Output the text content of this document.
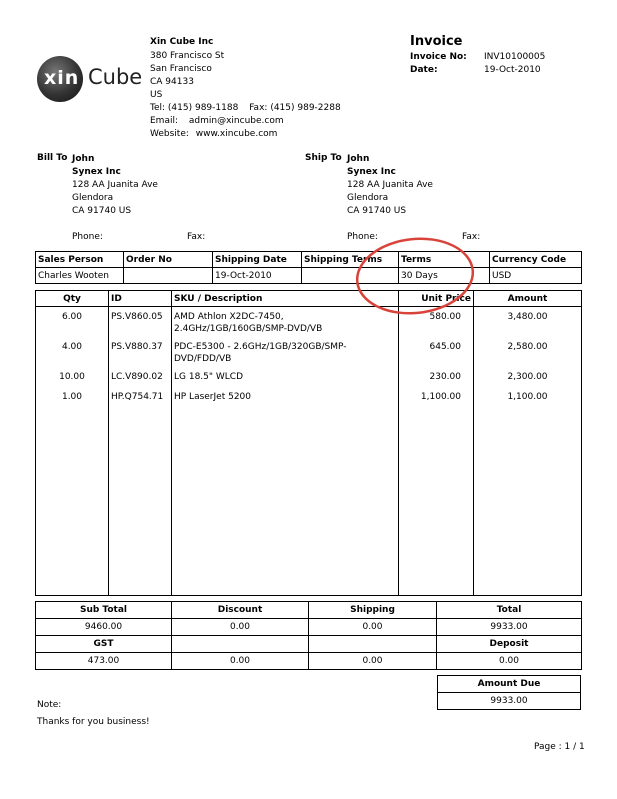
xin Cube
Xin Cube Inc
380 Francisco St
San Francisco
CA 94133
US
Tel: (415) 989-1188 Fax: (415) 989-2288
Email: admin@xincube.com
Website: www.xincube.com
Invoice
Invoice No: INV10100005
Date:	19-Oct-2010
Bill To John
Synex Inc
128 AA Juanita Ave
Glendora
CA 91740 US
Phone:	Fax:
Ship To John
Synex Inc
128 AA Juanita Ave
Glendora
CA 91740 US
Phone:	Fax:
Sales Person	Order No	Shipping Date	Shipping Terms	Terms	Currency Code
Charles Wooten		19-Oct-2010		30 Days	USD
Qty	ID	SKU / Description	Unit Price	Amount
6.00	PS.V860.05	AMD Athlon X2DC-7450, 2.4GHz/1GB/160GB/SMP-DVD/VB	580.00	3,480.00
4.00	PS.V880.37	PDC-E5300 - 2.6GHz/1GB/320GB/SMP-DVD/FDD/VB	645.00	2,580.00
10.00	LC.V890.02	LG 18.5" WLCD	230.00	2,300.00
1.00	HP.Q754.71	HP LaserJet 5200	1,100.00	1,100.00

Sub Total	Discount	Shipping	Total
9460.00	0.00	0.00	9933.00
GST			Deposit
473.00	0.00	0.00	0.00
Amount Due
9933.00
Note:
Thanks for you business!
Page : 1 / 1
